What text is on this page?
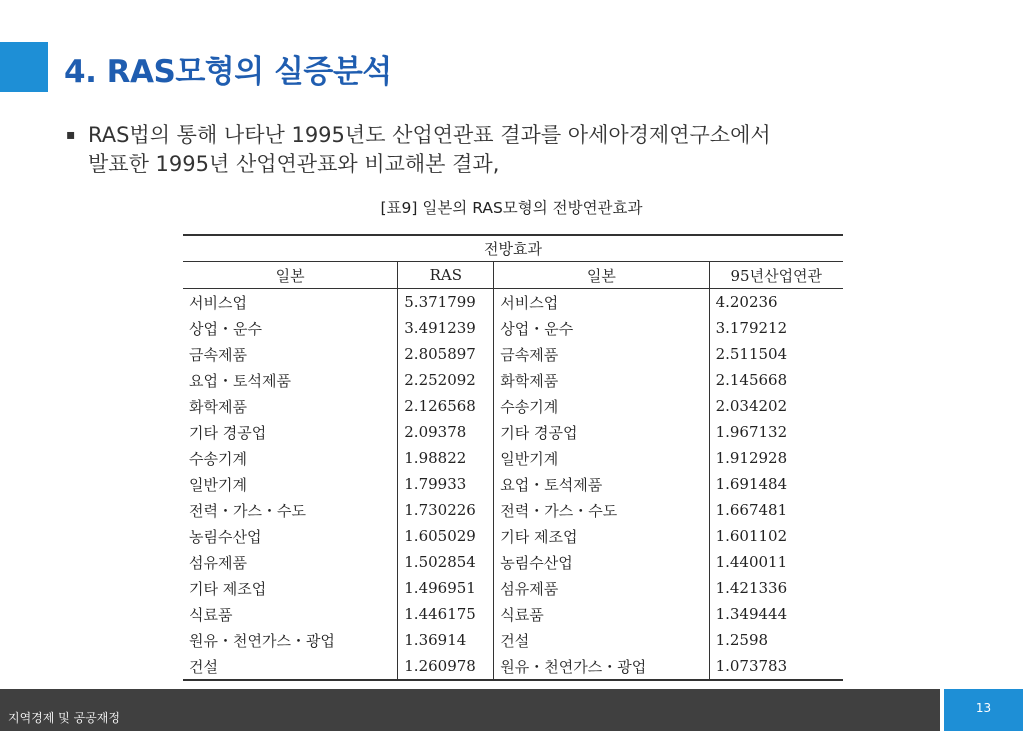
4. RAS모형의 실증분석
▪ RAS법의 통해 나타난 1995년도 산업연관표 결과를 아세아경제연구소에서
발표한 1995년 산업연관표와 비교해본 결과,
[표9] 일본의 RAS모형의 전방연관효과
전방효과			
일본	RAS	일본	95년산업연관
서비스업	5.371799	서비스업	4.20236
상업・운수	3.491239	상업・운수	3.179212
금속제품	2.805897	금속제품	2.511504
요업・토석제품	2.252092	화학제품	2.145668
화학제품	2.126568	수송기계	2.034202
기타 경공업	2.09378	기타 경공업	1.967132
수송기계	1.98822	일반기계	1.912928
일반기계	1.79933	요업・토석제품	1.691484
전력・가스・수도	1.730226	전력・가스・수도	1.667481
농림수산업	1.605029	기타 제조업	1.601102
섬유제품	1.502854	농림수산업	1.440011
기타 제조업	1.496951	섬유제품	1.421336
식료품	1.446175	식료품	1.349444
원유・천연가스・광업	1.36914	건설	1.2598
건설	1.260978	원유・천연가스・광업	1.073783
지역경제 및 공공재정
13
